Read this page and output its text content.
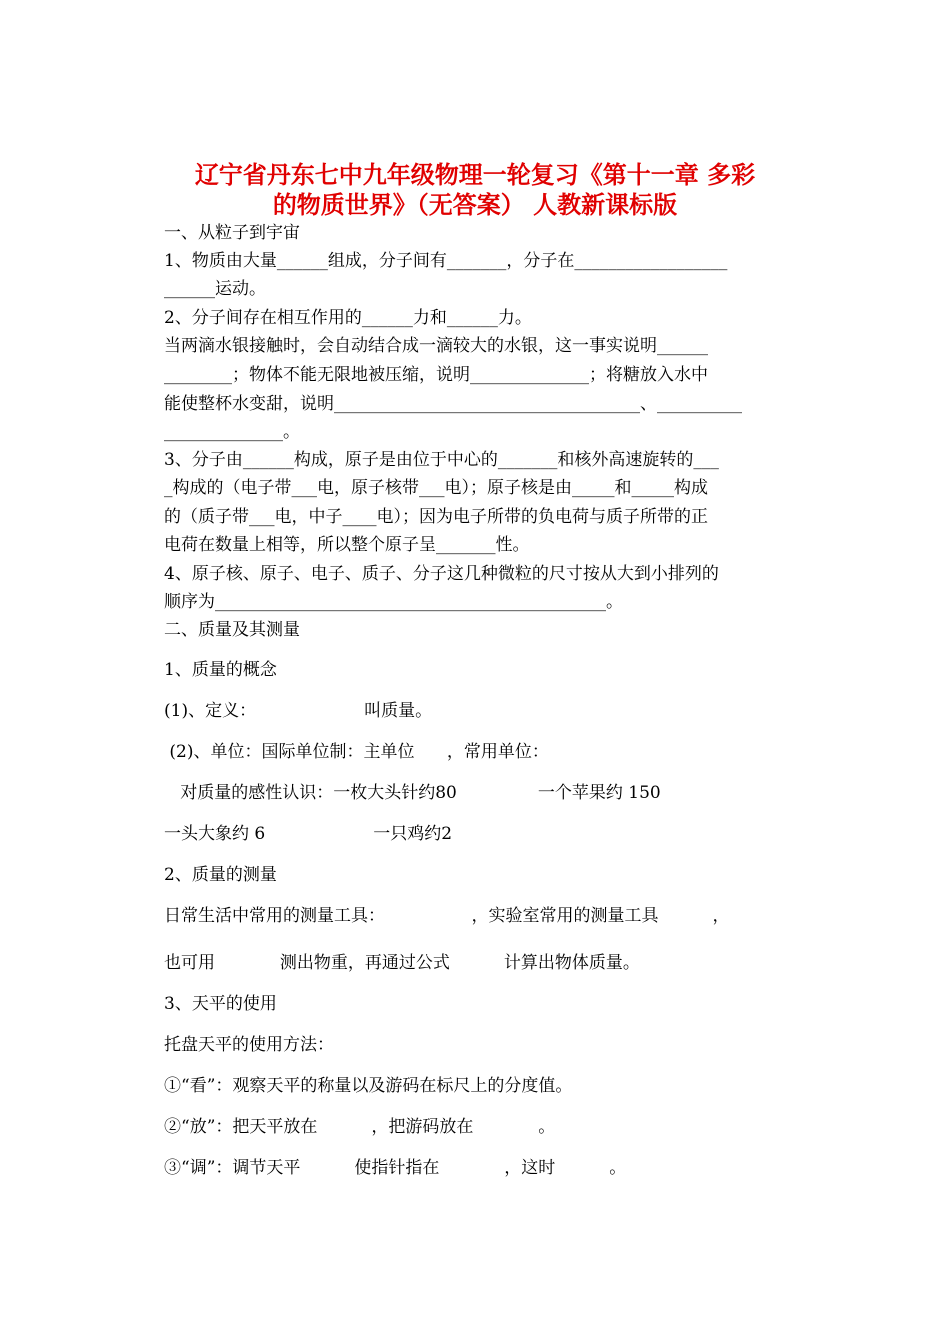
辽宁省丹东七中九年级物理一轮复习《第十一章 多彩
的物质世界》（无答案） 人教新课标版
一、从粒子到宇宙
1、物质由大量______组成，分子间有_______，分子在__________________
______运动。
2、分子间存在相互作用的______力和______力。
当两滴水银接触时，会自动结合成一滴较大的水银，这一事实说明______
________；物体不能无限地被压缩，说明______________；将糖放入水中
能使整杯水变甜，说明____________________________________、__________
______________。
3、分子由______构成，原子是由位于中心的_______和核外高速旋转的___
_构成的（电子带___电，原子核带___电）；原子核是由_____和_____构成
的（质子带___电，中子____电）；因为电子所带的负电荷与质子所带的正
电荷在数量上相等，所以整个原子呈_______性。
4、原子核、原子、电子、质子、分子这几种微粒的尺寸按从大到小排列的
顺序为______________________________________________。
二、质量及其测量
1、质量的概念
(1)、定义：                    叫质量。
(2)、单位：国际单位制：主单位      ，常用单位：
对质量的感性认识：一枚大头针约80               一个苹果约 150
一头大象约 6                    一只鸡约2
2、质量的测量
日常生活中常用的测量工具：                ，实验室常用的测量工具          ，
也可用            测出物重，再通过公式          计算出物体质量。
3、天平的使用
托盘天平的使用方法：
①“看”：观察天平的称量以及游码在标尺上的分度值。
②“放”：把天平放在          ，把游码放在            。
③“调”：调节天平          使指针指在            ，这时          。
